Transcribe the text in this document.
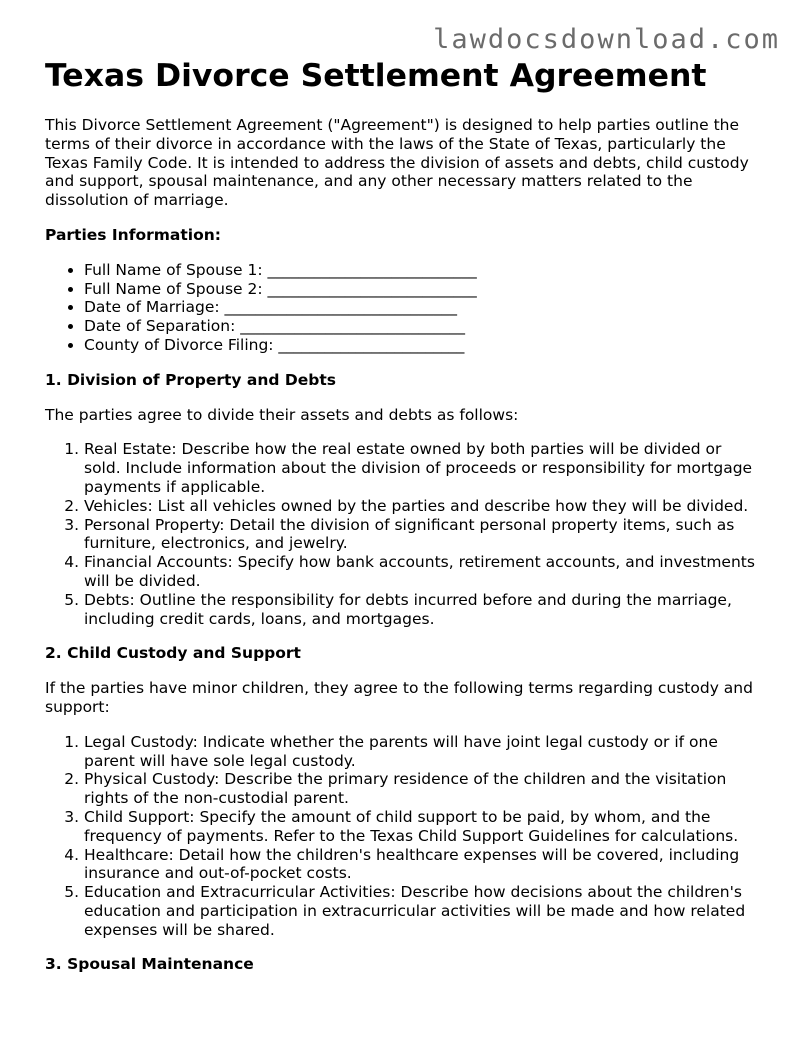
lawdocsdownload.com
Texas Divorce Settlement Agreement

This Divorce Settlement Agreement ("Agreement") is designed to help parties outline the terms of their divorce in accordance with the laws of the State of Texas, particularly the Texas Family Code. It is intended to address the division of assets and debts, child custody and support, spousal maintenance, and any other necessary matters related to the dissolution of marriage.

Parties Information:
• Full Name of Spouse 1: ___________________________
• Full Name of Spouse 2: ___________________________
• Date of Marriage: ______________________________
• Date of Separation: _____________________________
• County of Divorce Filing: ________________________
1. Division of Property and Debts

The parties agree to divide their assets and debts as follows:

1. Real Estate: Describe how the real estate owned by both parties will be divided or sold. Include information about the division of proceeds or responsibility for mortgage payments if applicable.
2. Vehicles: List all vehicles owned by the parties and describe how they will be divided.
3. Personal Property: Detail the division of significant personal property items, such as furniture, electronics, and jewelry.
4. Financial Accounts: Specify how bank accounts, retirement accounts, and investments will be divided.
5. Debts: Outline the responsibility for debts incurred before and during the marriage, including credit cards, loans, and mortgages.
2. Child Custody and Support

If the parties have minor children, they agree to the following terms regarding custody and support:

1. Legal Custody: Indicate whether the parents will have joint legal custody or if one parent will have sole legal custody.
2. Physical Custody: Describe the primary residence of the children and the visitation rights of the non-custodial parent.
3. Child Support: Specify the amount of child support to be paid, by whom, and the frequency of payments. Refer to the Texas Child Support Guidelines for calculations.
4. Healthcare: Detail how the children's healthcare expenses will be covered, including insurance and out-of-pocket costs.
5. Education and Extracurricular Activities: Describe how decisions about the children's education and participation in extracurricular activities will be made and how related expenses will be shared.
3. Spousal Maintenance
